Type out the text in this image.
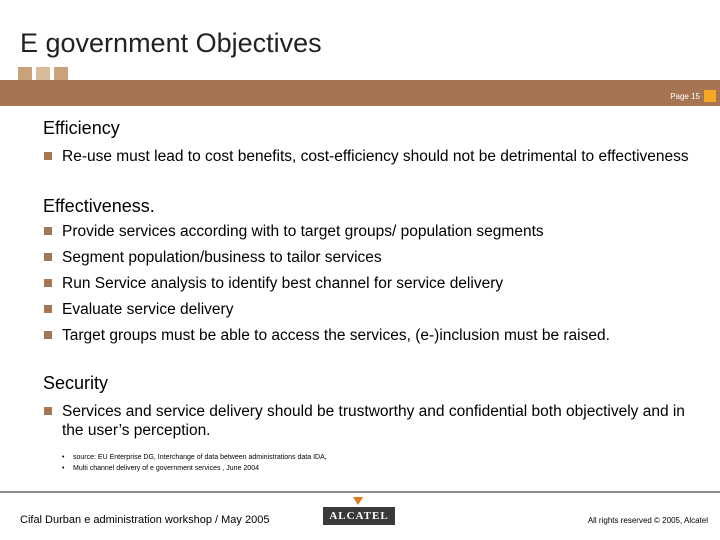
E government Objectives
Page 15
Efficiency
Re-use must lead to cost benefits, cost-efficiency should not be detrimental to effectiveness
Effectiveness.
Provide services according with to target groups/ population segments
Segment population/business to tailor services
Run Service analysis to identify best channel for service delivery
Evaluate service delivery
Target groups must be able to access the services, (e-)inclusion must be raised.
Security
Services and service delivery should be trustworthy and confidential both objectively and in the user’s perception.
• source: EU Enterprise DG, Interchange of data between administrations data IDA,
• Multi channel delivery of e government services , June 2004
Cifal Durban e administration workshop / May 2005	ALCATEL	All rights reserved © 2005, Alcatel
